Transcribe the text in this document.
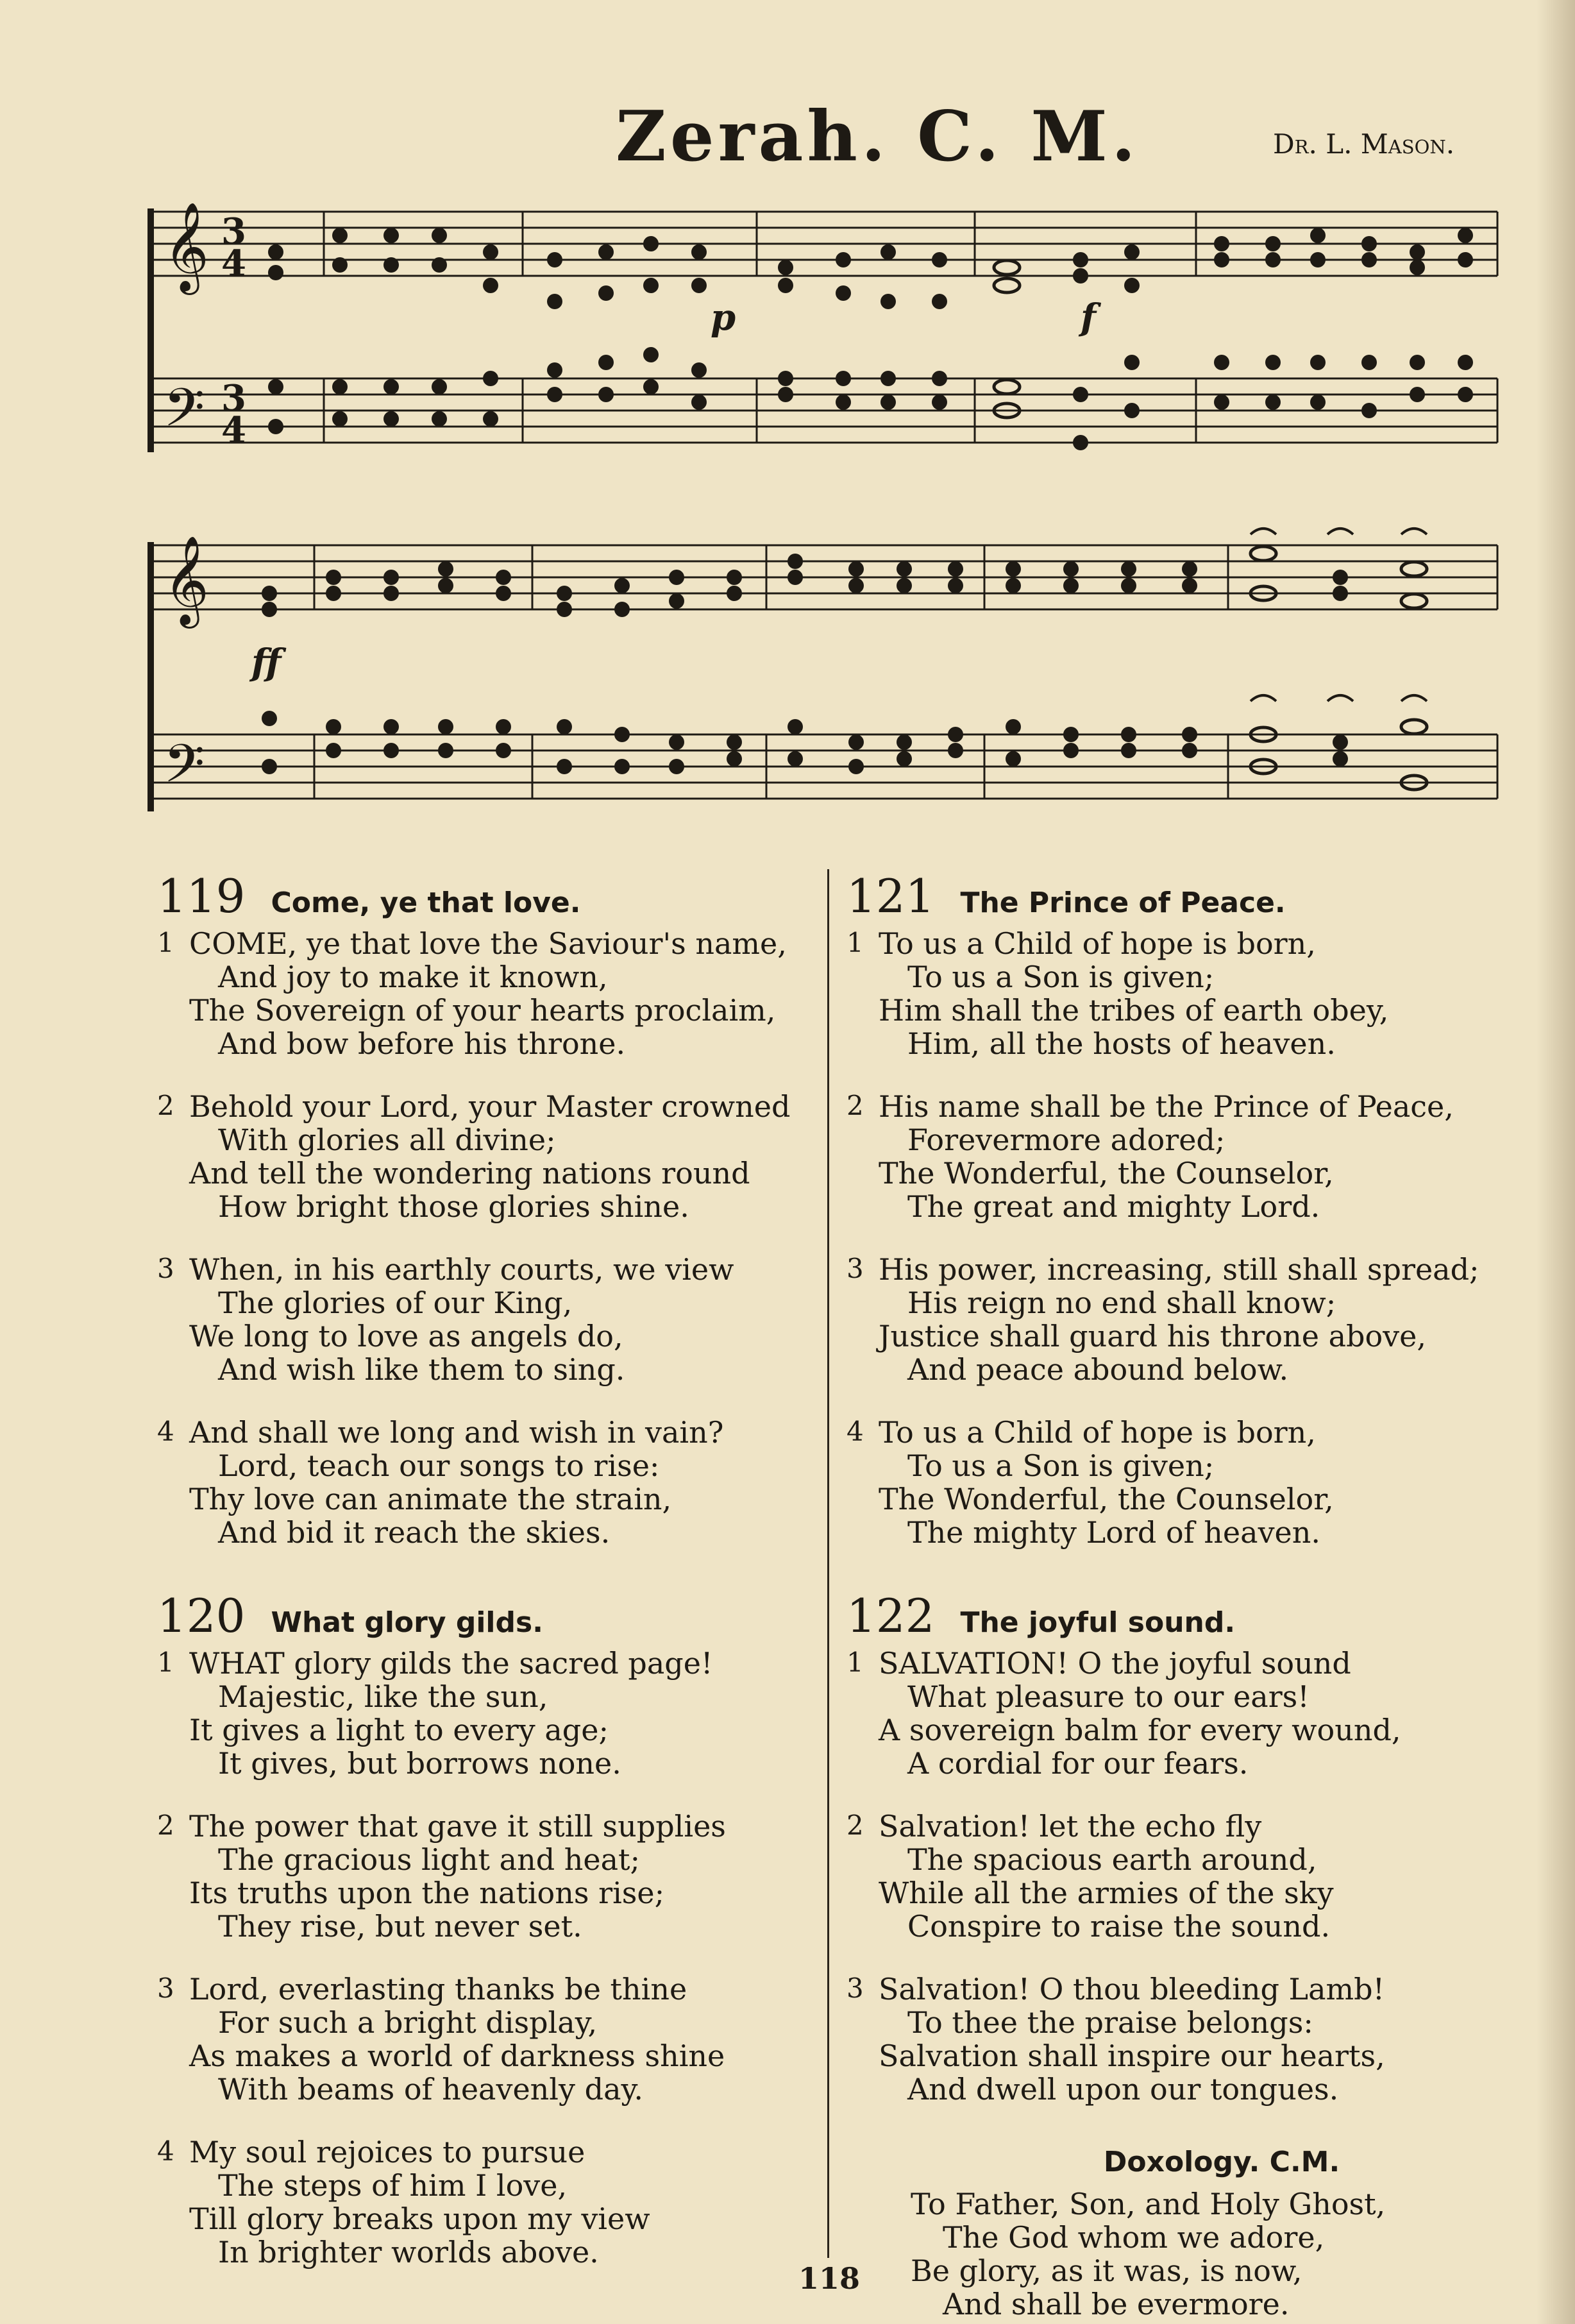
Zerah. C. M.	Dr. L. Mason.
𝄞
𝄢
3
4
3
4
p	f
𝄞
𝄢
ff
119 Come, ye that love.
1 COME, ye that love the Saviour's name,
And joy to make it known,
The Sovereign of your hearts proclaim,
And bow before his throne.
2 Behold your Lord, your Master crowned
With glories all divine;
And tell the wondering nations round
How bright those glories shine.
3 When, in his earthly courts, we view
The glories of our King,
We long to love as angels do,
And wish like them to sing.
4 And shall we long and wish in vain?
Lord, teach our songs to rise:
Thy love can animate the strain,
And bid it reach the skies.
120 What glory gilds.
1 WHAT glory gilds the sacred page!
Majestic, like the sun,
It gives a light to every age;
It gives, but borrows none.
2 The power that gave it still supplies
The gracious light and heat;
Its truths upon the nations rise;
They rise, but never set.
3 Lord, everlasting thanks be thine
For such a bright display,
As makes a world of darkness shine
With beams of heavenly day.
4 My soul rejoices to pursue
The steps of him I love,
Till glory breaks upon my view
In brighter worlds above.
121 The Prince of Peace.
1 To us a Child of hope is born,
To us a Son is given;
Him shall the tribes of earth obey,
Him, all the hosts of heaven.
2 His name shall be the Prince of Peace,
Forevermore adored;
The Wonderful, the Counselor,
The great and mighty Lord.
3 His power, increasing, still shall spread;
His reign no end shall know;
Justice shall guard his throne above,
And peace abound below.
4 To us a Child of hope is born,
To us a Son is given;
The Wonderful, the Counselor,
The mighty Lord of heaven.
122 The joyful sound.
1 SALVATION! O the joyful sound
What pleasure to our ears!
A sovereign balm for every wound,
A cordial for our fears.
2 Salvation! let the echo fly
The spacious earth around,
While all the armies of the sky
Conspire to raise the sound.
3 Salvation! O thou bleeding Lamb!
To thee the praise belongs:
Salvation shall inspire our hearts,
And dwell upon our tongues.
Doxology. C.M.
To Father, Son, and Holy Ghost,
The God whom we adore,
Be glory, as it was, is now,
And shall be evermore.
118
